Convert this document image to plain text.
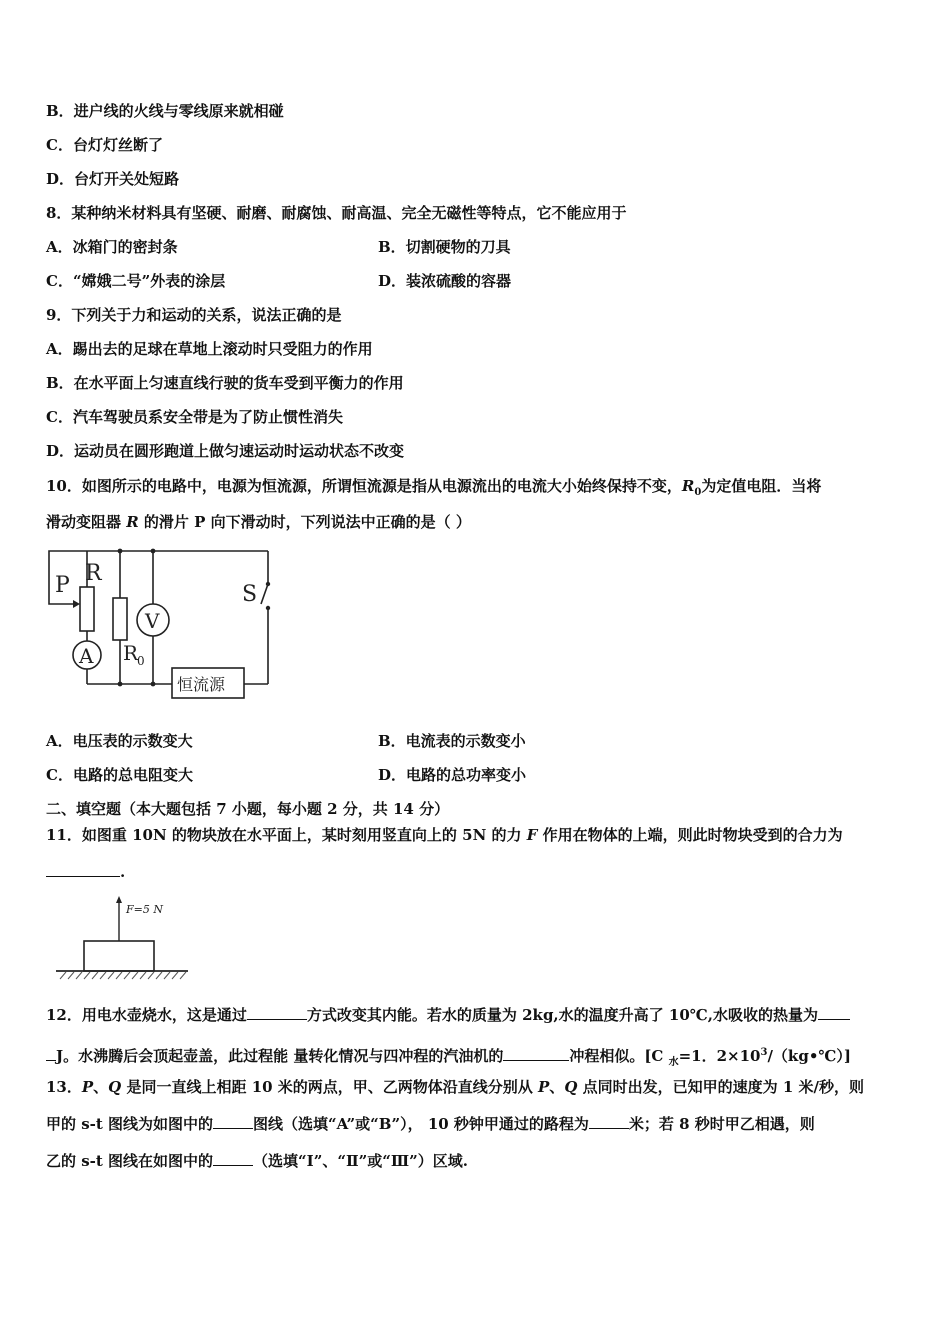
B．进户线的火线与零线原来就相碰
C．台灯灯丝断了
D．台灯开关处短路
8．某种纳米材料具有坚硬、耐磨、耐腐蚀、耐高温、完全无磁性等特点，它不能应用于
A．冰箱门的密封条	B．切割硬物的刀具
C．“嫦娥二号”外表的涂层	D．装浓硫酸的容器
9．下列关于力和运动的关系，说法正确的是
A．踢出去的足球在草地上滚动时只受阻力的作用
B．在水平面上匀速直线行驶的货车受到平衡力的作用
C．汽车驾驶员系安全带是为了防止惯性消失
D．运动员在圆形跑道上做匀速运动时运动状态不改变
10．如图所示的电路中，电源为恒流源，所谓恒流源是指从电源流出的电流大小始终保持不变，$R_0$为定值电阻．当将
滑动变阻器 R 的滑片 P 向下滑动时，下列说法中正确的是（ ）
P R
S
V
A R
0
恒流源
A．电压表的示数变大	B．电流表的示数变小
C．电路的总电阻变大	D．电路的总功率变小
二、填空题（本大题包括 7 小题，每小题 2 分，共 14 分）
11．如图重 10N 的物块放在水平面上，某时刻用竖直向上的 5N 的力 F 作用在物体的上端，则此时物块受到的合力为
.
F=5 N
12．用电水壶烧水，这是通过	方式改变其内能。若水的质量为 2kg,水的温度升高了 10℃,水吸收的热量为
J。水沸腾后会顶起壶盖，此过程能 量转化情况与四冲程的汽油机的	冲程相似。[C $_水$=1．$2\times 10^3/(kg•℃)$]
13．P、Q 是同一直线上相距 10 米的两点，甲、乙两物体沿直线分别从 P、Q 点同时出发，已知甲的速度为 1 米/秒，则
甲的 s-t 图线为如图中的	图线（选填“A”或“B”）， 10 秒钟甲通过的路程为	米；若 8 秒时甲乙相遇，则
乙的 s-t 图线在如图中的	（选填“Ⅰ”、“Ⅱ”或“Ⅲ”）区域.
